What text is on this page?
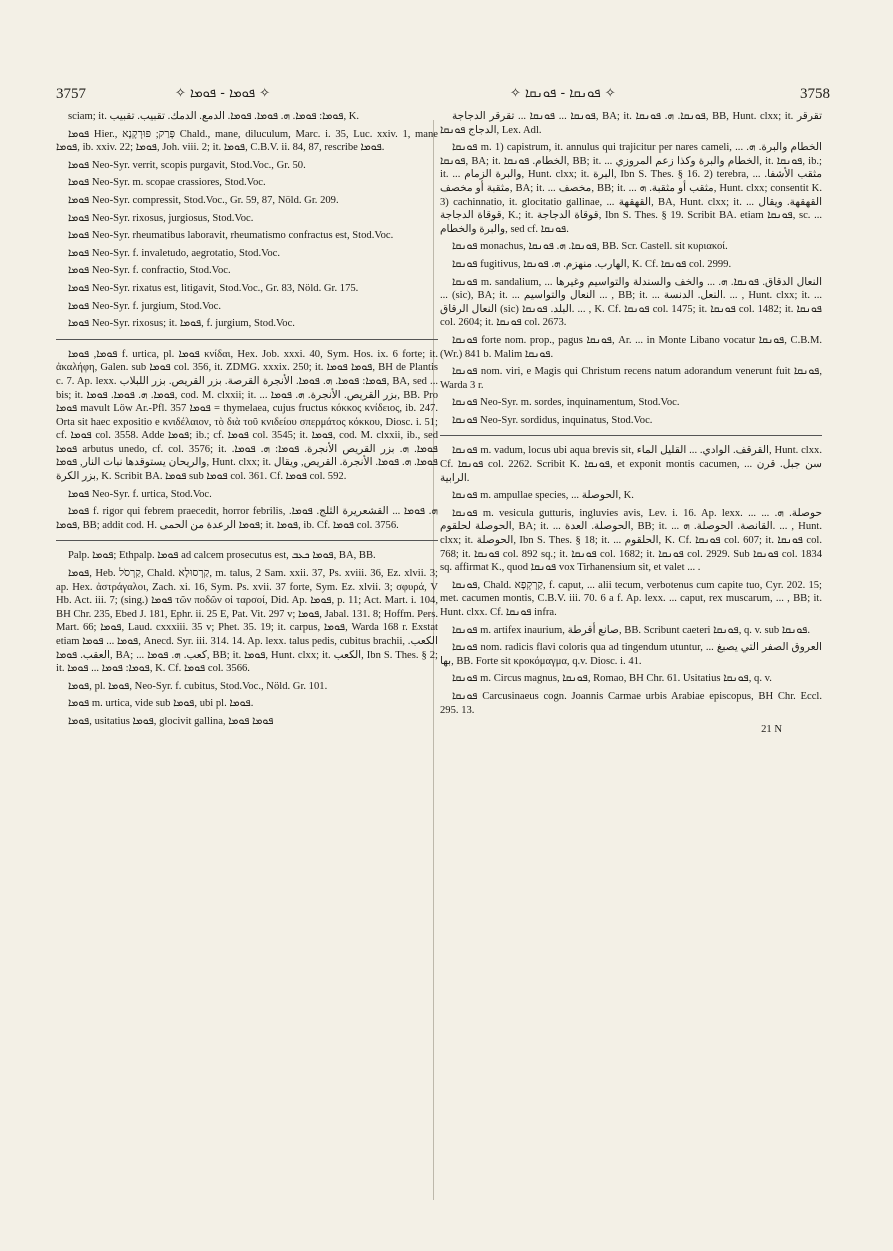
3757	✧ ܦܘܡܐ - ܦܘܡܐ ✧	✧ ܦܘܢܩܐ - ܦܘܢܩܐ ✧	3758

sciam; it. ܦܘܡܐ: ܦܘܡܐ. ܗ. ܦܘܡܐ. ܦܘܡܐ. الدمع. الدمك. تقبيب. تقبيب, K.

ܦܘܡܐ Hier., פְּרַק; פּוּרְקָנָא Chald., mane, diluculum, Marc. i. 35, Luc. xxiv. 1, mane ܦܘܡܐ, ib. xxiv. 22; ܦܘܡܐ, Joh. viii. 2; it. ܦܘܡܐ, C.B.V. ii. 84, 87, rescribe ܦܘܡܐ.

ܦܘܡܐ Neo-Syr. verrit, scopis purgavit, Stod.Voc., Gr. 50.

ܦܘܡܐ Neo-Syr. m. scopae crassiores, Stod.Voc.

ܦܘܡܐ Neo-Syr. compressit, Stod.Voc., Gr. 59, 87, Nöld. Gr. 209.

ܦܘܡܐ Neo-Syr. rixosus, jurgiosus, Stod.Voc.

ܦܘܡܐ Neo-Syr. rheumatibus laboravit, rheumatismo confractus est, Stod.Voc.

ܦܘܡܐ Neo-Syr. f. invaletudo, aegrotatio, Stod.Voc.

ܦܘܡܐ Neo-Syr. f. confractio, Stod.Voc.

ܦܘܡܐ Neo-Syr. rixatus est, litigavit, Stod.Voc., Gr. 83, Nöld. Gr. 175.

ܦܘܡܐ Neo-Syr. f. jurgium, Stod.Voc.

ܦܘܡܐ Neo-Syr. rixosus; it. ܦܘܡܐ, f. jurgium, Stod.Voc.

ܦܘܡܐ, ܦܘܡܐ f. urtica, pl. ܦܘܡܐ κνίδαι, Hex. Job. xxxi. 40, Sym. Hos. ix. 6 forte; it. ἀκαλήφη, Galen. sub ܦܘܡܐ col. 356, it. ZDMG. xxxix. 250; it. ܦܘܡܐ ܦܘܡܐ, BH de Plantis c. 7. Ap. lexx. ܦܘܡܐ: ܦܘܡܐ. ܗ. ܦܘܡܐ. الأنجرة القرصة. بزر القريص. بزر اللبلاب, BA, sed ... bis; it. ܦܘܡܐ. ܗ. ܦܘܡܐ. ܦܘܡܐ, cod. M. clxxii; it. ... بزر القريص. الأنجرة. ܗ. ܦܘܡܐ, BB. Pro ܦܘܡܐ mavult Löw Ar.-Pfl. 357 ܦܘܡܐ = thymelaea, cujus fructus κόκκος κνίδειος, ib. 247. Orta sit haec expositio e κνιδέλαιον, τὸ διὰ τοῦ κνιδείου σπερμάτος κόκκου, Diosc. i. 51; cf. ܦܘܡܐ col. 3558. Adde ܦܘܡܐ; ib.; cf. ܦܘܡܐ col. 3545; it. ܦܘܡܐ, cod. M. clxxii, ib., sed ܦܘܡܐ arbutus unedo, cf. col. 3576; it. ܦܘܡܐ. ܗ. بزر القريص الأنجرة. ܦܘܡܐ: ܗ. ܦܘܡܐ. والريحان يستوقدها نبات النار, ܦܘܡܐ, Hunt. clxx; it. ܦܘܡܐ. ܗ. ܦܘܡܐ. الأنجرة. القريص, ويقال بزر الكرة, K. Scribit BA. ܦܘܡܐ sub ܦܘܡܐ col. 361. Cf. ܦܘܡܐ col. 592.

ܦܘܡܐ Neo-Syr. f. urtica, Stod.Voc.

ܦܘܡܐ f. rigor qui febrem praecedit, horror febrilis, ܗ. ܦܘܡܐ ... القشعريرة الثلج. ܦܘܡܐ. ܦܘܡܐ, BB; addit cod. H. ܦܘܡܐ الرعدة من الحمى; it. ܦܘܡܐ, ib. Cf. ܦܘܡܐ col. 3756.

Palp. ܦܘܡܐ; Ethpalp. ܦܘܡܐ ad calcem prosecutus est, ܦܘܡܐ ܟܥܒ, BA, BB.

ܦܘܡܐ, Heb. קַרְסֹל, Chald. קַרְסוּלָא, m. talus, 2 Sam. xxii. 37, Ps. xviii. 36, Ez. xlvii. 3; ap. Hex. ἀστράγαλοι, Zach. xi. 16, Sym. Ps. xvii. 37 forte, Sym. Ez. xlvii. 3; σφυρά, V Hb. Act. iii. 7; (sing.) ܦܘܡܐ τῶν ποδῶν οἱ ταρσοί, Did. Ap. ܦܘܡܐ, p. 11; Act. Mart. i. 104, BH Chr. 235, Ebed J. 181, Ephr. ii. 25 E, Pat. Vit. 297 v; ܦܘܡܐ, Jabal. 131. 8; Hoffm. Pers. Mart. 66; ܦܘܡܐ, Laud. cxxxiii. 35 v; Phet. 35. 19; it. carpus, ܦܘܡܐ, Warda 168 r. Exstat etiam ܦܘܡܐ ... ܦܘܡܐ, Anecd. Syr. iii. 314. 14. Ap. lexx. talus pedis, cubitus brachii, الكعب. العقب. ܦܘܡܐ, BA; ... كعب. ܗ. ܦܘܡܐ, BB; it. ܦܘܡܐ, Hunt. clxx; it. الكعب, Ibn S. Thes. § 2; it. ܦܘܡܐ: ܦܘܡܐ ... ܦܘܡܐ, K. Cf. ܦܘܡܐ col. 3566.

ܦܘܡܐ, pl. ܦܘܡܐ, Neo-Syr. f. cubitus, Stod.Voc., Nöld. Gr. 101.

ܦܘܡܐ m. urtica, vide sub ܦܘܡܐ, ubi pl. ܦܘܡܐ.

ܦܘܡܐ, usitatius ܦܘܡܐ, glocivit gallina, ܦܘܡܐ ܦܘܡܐ

ܦܘܢܩܐ ... ܦܘܢܩܐ ... تقرقر الدجاجة, BA; it. ܦܘܢܩܐ. ܗ. ܦܘܢܩܐ, BB, Hunt. clxx; it. تقرقر الدجاج ܦܘܢܩܐ, Lex. Adl.

ܦܘܢܩܐ m. 1) capistrum, it. annulus qui trajicitur per nares cameli, ... الخطام والبرة. ܗ. ܦܘܢܩܐ, BA; it. الخطام. ܦܘܢܩܐ, BB; it. ... الخطام والبرة وكذا زعم المروزي, it. ܦܘܢܩܐ, ib.; it. ... والبرة الزمام, Hunt. clxx; it. البرة, Ibn S. Thes. § 16. 2) terebra, ... مثقب الأشفا. مثقبة أو مخصف, BA; it. ... مخصف, BB; it. ... مثقب أو مثقبة. ܗ, Hunt. clxx; consentit K. 3) cachinnatio, it. glocitatio gallinae, ... القهقهة, BA, Hunt. clxx; it. ... القهقهة. ويقال قوقاة الدجاجة, K.; it. قوقاة الدجاجة, Ibn S. Thes. § 19. Scribit BA. etiam ܦܘܢܩܐ, sc. ... والبرة والخطام, sed cf. ܦܘܢܩܐ.

ܦܘܢܩܐ monachus, ܦܘܢܩܐ. ܗ. ܦܘܢܩܐ, BB. Scr. Castell. sit κυριακοί.

ܦܘܢܩܐ fugitivus, الهارب. منهزم. ܗ. ܦܘܢܩܐ, K. Cf. ܦܘܢܩܐ col. 2999.

ܦܘܢܩܐ m. sandalium, ... النعال الدقاق. ܦܘܢܩܐ. ܗ. ... والخف والسندلة والتواسيم وغيرها ... (sic), BA; it. ... النعال والتواسيم ... , BB; it. ... النعل. الدنسة. ... , Hunt. clxx; it. ... النعال الرقاق (sic) البلد. ܦܘܢܩܐ. ... , K. Cf. ܦܘܢܩܐ col. 1475; it. ܦܘܢܩܐ col. 1482; it. ܦܘܢܩܐ col. 2604; it. ܦܘܢܩܐ col. 2673.

ܦܘܢܩܐ forte nom. prop., pagus ܦܘܢܩܐ, Ar. ... in Monte Libano vocatur ܦܘܢܩܐ, C.B.M. (Wr.) 841 b. Malim ܦܘܢܩܐ.

ܦܘܢܩܐ nom. viri, e Magis qui Christum recens natum adorandum venerunt fuit ܦܘܢܩܐ, Warda 3 r.

ܦܘܢܩܐ Neo-Syr. m. sordes, inquinamentum, Stod.Voc.

ܦܘܢܩܐ Neo-Syr. sordidus, inquinatus, Stod.Voc.

ܦܘܢܩܐ m. vadum, locus ubi aqua brevis sit, القرقف. الوادي. ... القليل الماء, Hunt. clxx. Cf. ܦܘܢܩܐ col. 2262. Scribit K. ܦܘܢܩܐ, et exponit montis cacumen, ... سن جبل. قرن الرابية.

ܦܘܢܩܐ m. ampullae species, ... الحوصلة, K.

ܦܘܢܩܐ m. vesicula gutturis, ingluvies avis, Lev. i. 16. Ap. lexx. ... حوصلة. ܗ. ... الحوصلة لحلقوم, BA; it. ... الحوصلة. العدة, BB; it. ... القانصة. الحوصلة. ܗ. ... , Hunt. clxx; it. الحوصلة, Ibn S. Thes. § 18; it. ... الحلقوم, K. Cf. ܦܘܢܩܐ col. 607; it. ܦܘܢܩܐ col. 768; it. ܦܘܢܩܐ col. 892 sq.; it. ܦܘܢܩܐ col. 1682; it. ܦܘܢܩܐ col. 2929. Sub ܦܘܢܩܐ col. 1834 sq. affirmat K., quod ܦܘܢܩܐ vox Tirhanensium sit, et valet ... .

ܦܘܢܩܐ, Chald. קַרְקְפָא, f. caput, ... alii tecum, verbotenus cum capite tuo, Cyr. 202. 15; met. cacumen montis, C.B.V. iii. 70. 6 a f. Ap. lexx. ... caput, rex muscarum, ... , BB; it. Hunt. clxx. Cf. ܦܘܢܩܐ infra.

ܦܘܢܩܐ m. artifex inaurium, صانع أقرطة, BB. Scribunt caeteri ܦܘܢܩܐ, q. v. sub ܦܘܢܩܐ.

ܦܘܢܩܐ nom. radicis flavi coloris qua ad tingendum utuntur, ... العروق الصفر التي يصبغ بها, BB. Forte sit κροκόμαγμα, q.v. Diosc. i. 41.

ܦܘܢܩܐ m. Circus magnus, ܦܘܢܩܐ, Romao, BH Chr. 61. Usitatius ܦܘܢܩܐ, q. v.

ܦܘܢܩܐ Carcusinaeus cogn. Joannis Carmae urbis Arabiae episcopus, BH Chr. Eccl. 295. 13.

21 N
